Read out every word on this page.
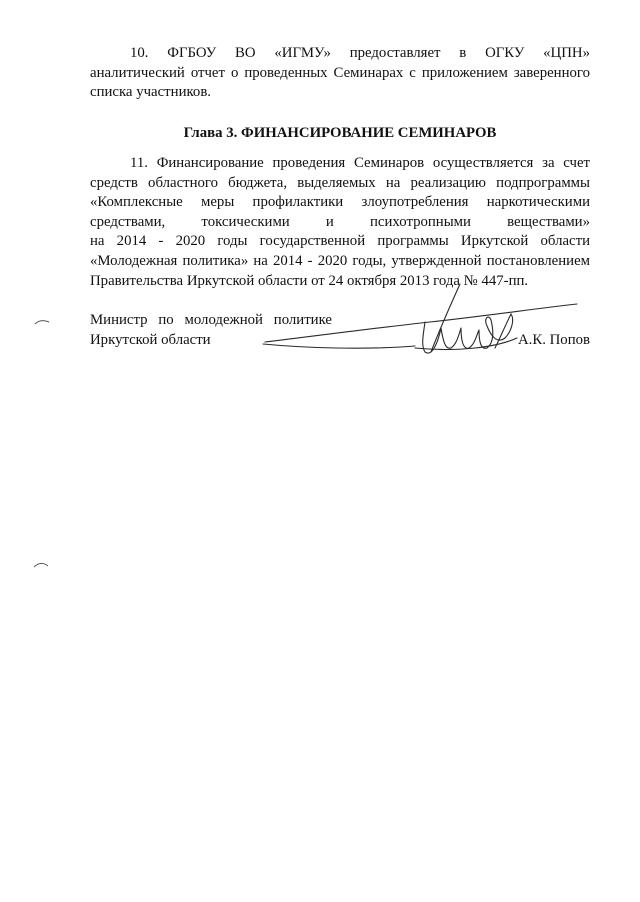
10. ФГБОУ ВО «ИГМУ» предоставляет в ОГКУ «ЦПН»
аналитический отчет о проведенных Семинарах с приложением заверенного
списка участников.
Глава 3. ФИНАНСИРОВАНИЕ СЕМИНАРОВ
11. Финансирование проведения Семинаров осуществляется за счет
средств областного бюджета, выделяемых на реализацию подпрограммы
«Комплексные меры профилактики злоупотребления наркотическими
средствами, токсическими и психотропными веществами»
на 2014 - 2020 годы государственной программы Иркутской области
«Молодежная политика» на 2014 - 2020 годы, утвержденной постановлением
Правительства Иркутской области от 24 октября 2013 года № 447-пп.
Министр по молодежной политике
Иркутской области	А.К. Попов
